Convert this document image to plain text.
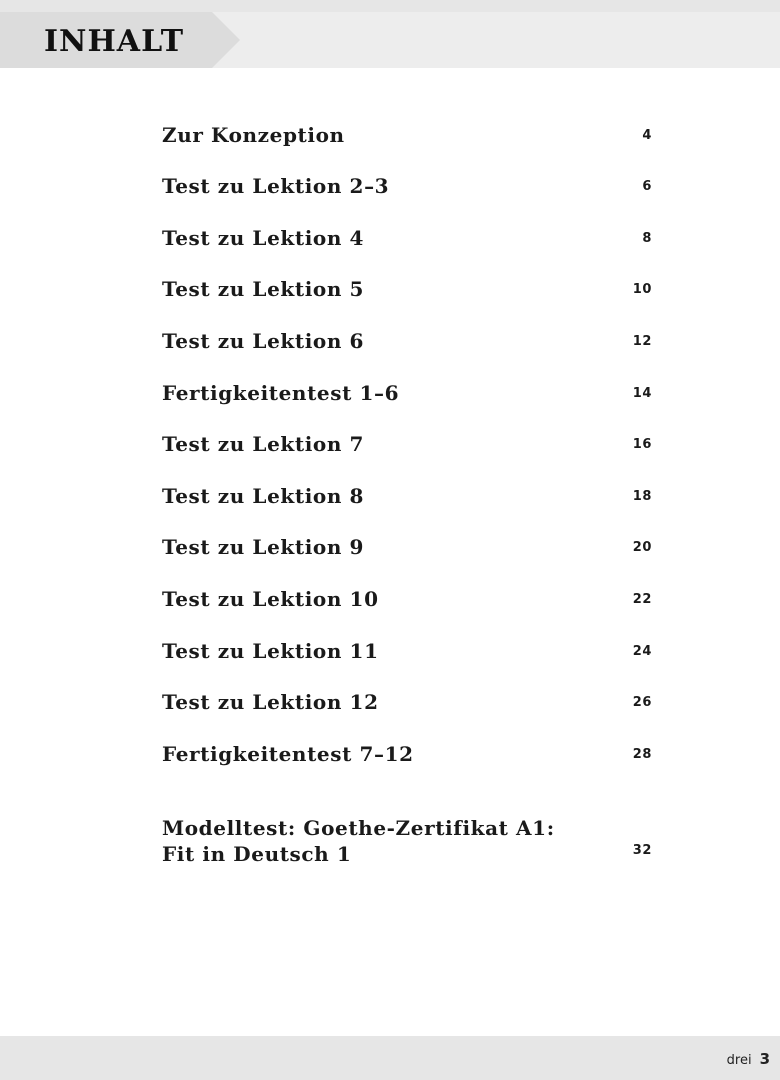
INHALT
Zur Konzeption	4
Test zu Lektion 2–3	6
Test zu Lektion 4	8
Test zu Lektion 5	10
Test zu Lektion 6	12
Fertigkeitentest 1–6	14
Test zu Lektion 7	16
Test zu Lektion 8	18
Test zu Lektion 9	20
Test zu Lektion 10	22
Test zu Lektion 11	24
Test zu Lektion 12	26
Fertigkeitentest 7–12	28
Modelltest: Goethe-Zertifikat A1:
Fit in Deutsch 1	32
drei 3
